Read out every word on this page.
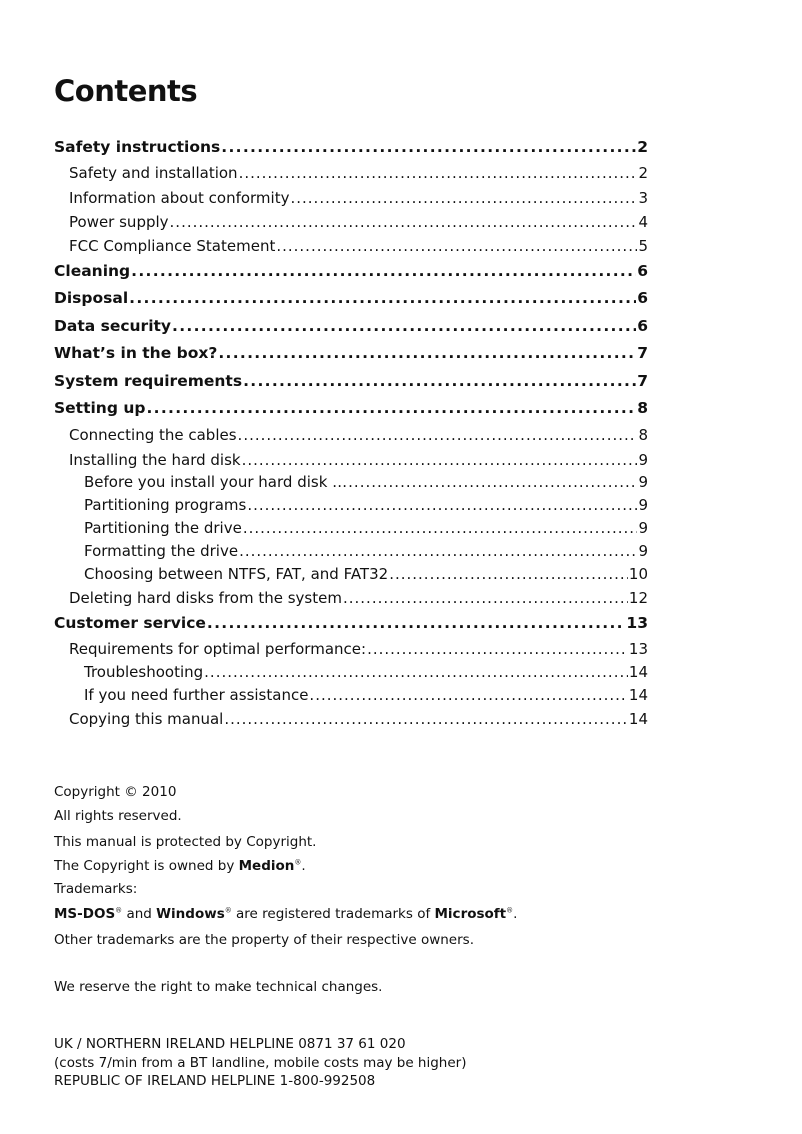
Contents
Safety instructions .....	2
Safety and installation .....	2
Information about conformity .....	3
Power supply .....	4
FCC Compliance Statement .....	5
Cleaning .....	6
Disposal .....	6
Data security .....	6
What’s in the box? .....	7
System requirements .....	7
Setting up .....	8
Connecting the cables .....	8
Installing the hard disk .....	9
Before you install your hard disk … .....	9
Partitioning programs .....	9
Partitioning the drive .....	9
Formatting the drive .....	9
Choosing between NTFS, FAT, and FAT32 .....	10
Deleting hard disks from the system .....	12
Customer service .....	13
Requirements for optimal performance: .....	13
Troubleshooting .....	14
If you need further assistance .....	14
Copying this manual .....	14

Copyright © 2010

All rights reserved.

This manual is protected by Copyright.

The Copyright is owned by Medion®.

Trademarks:

MS-DOS® and Windows® are registered trademarks of Microsoft®.

Other trademarks are the property of their respective owners.

We reserve the right to make technical changes.

UK / NORTHERN IRELAND HELPLINE 0871 37 61 020

(costs 7/min from a BT landline, mobile costs may be higher)

REPUBLIC OF IRELAND HELPLINE 1-800-992508
